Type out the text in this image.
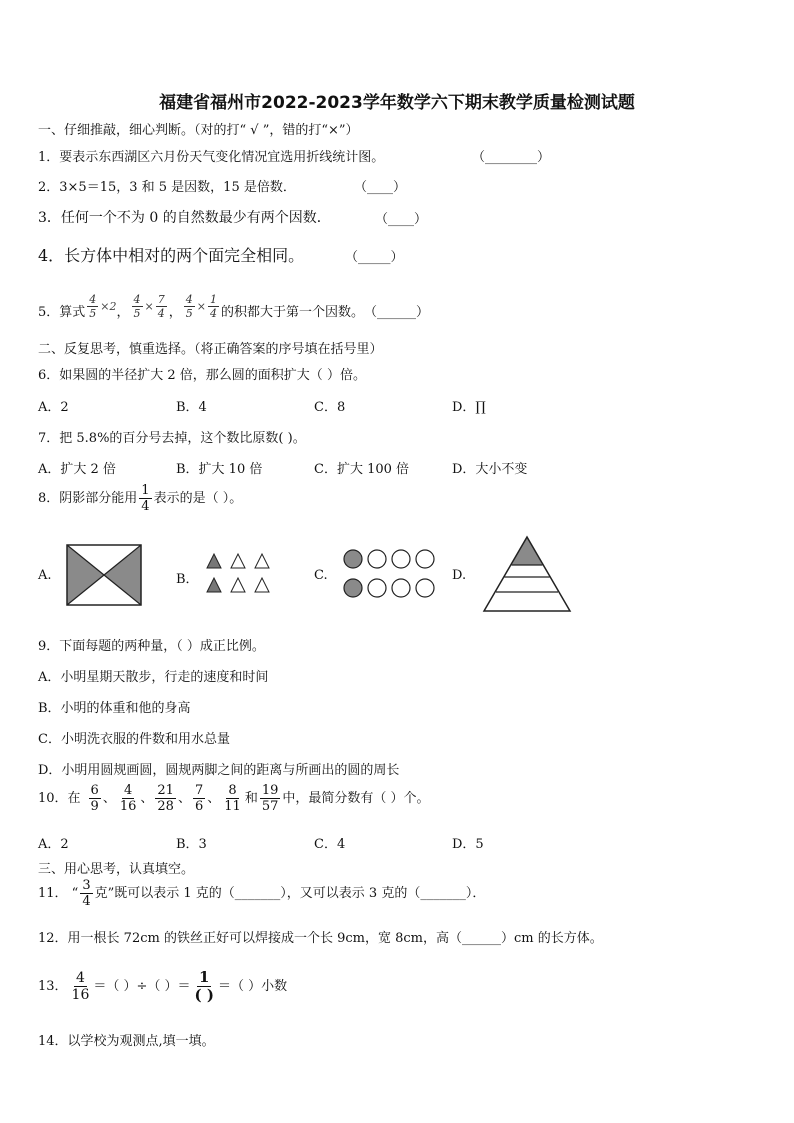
福建省福州市2022-2023学年数学六下期末教学质量检测试题
一、仔细推敲，细心判断。（对的打“ √ ”，错的打“×”）
1．要表示东西湖区六月份天气变化情况宜选用折线统计图。	（________）
2．3×5＝15，3 和 5 是因数，15 是倍数．	（____）
3．任何一个不为 0 的自然数最少有两个因数．	（____）
4．长方体中相对的两个面完全相同。	（_____）
5．算式 $\frac{4}{5} \times 2$， $\frac{4}{5} \times \frac{7}{4}$ ， $\frac{4}{5} \times \frac{1}{4}$ 的积都大于第一个因数。（______）
二、反复思考，慎重选择。（将正确答案的序号填在括号里）
6．如果圆的半径扩大 2 倍，那么圆的面积扩大（ ）倍。
A．2	B．4	C．8	D．∏
7．把 5.8%的百分号去掉，这个数比原数( )。
A．扩大 2 倍	B．扩大 10 倍	C．扩大 100 倍	D．大小不变
8．阴影部分能用 $\frac{1}{4}$ 表示的是（ ）。
A.	B．	C.	D.
9．下面每题的两种量，（ ）成正比例。
A．小明星期天散步，行走的速度和时间
B．小明的体重和他的身高
C．小明洗衣服的件数和用水总量
D．小明用圆规画圆，圆规两脚之间的距离与所画出的圆的周长
10．在 $\frac{6}{9}$ 、 $\frac{4}{16}$ 、 $\frac{21}{28}$ 、 $\frac{7}{6}$ 、 $\frac{8}{11}$ 和 $\frac{19}{57}$ 中，最简分数有（ ）个。
A．2	B．3	C．4	D．5
三、用心思考，认真填空。
11． “ $\frac{3}{4}$ 克”既可以表示 1 克的（_______），又可以表示 3 克的（_______）．
12．用一根长 72cm 的铁丝正好可以焊接成一个长 9cm，宽 8cm，高（______）cm 的长方体。
13． $\frac{4}{16}$ ＝（ ）÷（ ）＝ $\frac{1}{( )}$ ＝（ ）小数
14．以学校为观测点,填一填。
